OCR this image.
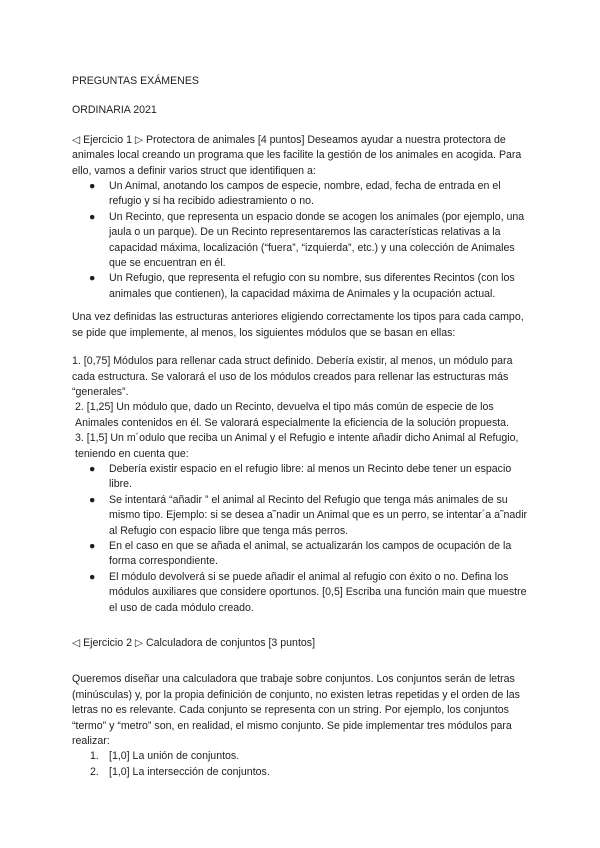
PREGUNTAS EXÁMENES

ORDINARIA 2021

◁ Ejercicio 1 ▷ Protectora de animales [4 puntos] Deseamos ayudar a nuestra protectora de animales local creando un programa que les facilite la gestión de los animales en acogida. Para ello, vamos a definir varios struct que identifiquen a:

● Un Animal, anotando los campos de especie, nombre, edad, fecha de entrada en el refugio y si ha recibido adiestramiento o no.
● Un Recinto, que representa un espacio donde se acogen los animales (por ejemplo, una jaula o un parque). De un Recinto representaremos las características relativas a la capacidad máxima, localización (“fuera”, “izquierda”, etc.) y una colección de Animales que se encuentran en él.
● Un Refugio, que representa el refugio con su nombre, sus diferentes Recintos (con los animales que contienen), la capacidad máxima de Animales y la ocupación actual.

Una vez definidas las estructuras anteriores eligiendo correctamente los tipos para cada campo, se pide que implemente, al menos, los siguientes módulos que se basan en ellas:

1. [0,75] Módulos para rellenar cada struct definido. Debería existir, al menos, un módulo para cada estructura. Se valorará el uso de los módulos creados para rellenar las estructuras más “generales”.

2. [1,25] Un módulo que, dado un Recinto, devuelva el tipo más común de especie de los Animales contenidos en él. Se valorará especialmente la eficiencia de la solución propuesta.

3. [1,5] Un m´odulo que reciba un Animal y el Refugio e intente añadir dicho Animal al Refugio, teniendo en cuenta que:

● Debería existir espacio en el refugio libre: al menos un Recinto debe tener un espacio libre.
● Se intentará “añadir ” el animal al Recinto del Refugio que tenga más animales de su mismo tipo. Ejemplo: si se desea a˜nadir un Animal que es un perro, se intentar´a a˜nadir al Refugio con espacio libre que tenga más perros.
● En el caso en que se añada el animal, se actualizarán los campos de ocupación de la forma correspondiente.
● El módulo devolverá si se puede añadir el animal al refugio con éxito o no. Defina los módulos auxiliares que considere oportunos. [0,5] Escriba una función main que muestre el uso de cada módulo creado.

◁ Ejercicio 2 ▷ Calculadora de conjuntos [3 puntos]

Queremos diseñar una calculadora que trabaje sobre conjuntos. Los conjuntos serán de letras (minúsculas) y, por la propia definición de conjunto, no existen letras repetidas y el orden de las letras no es relevante. Cada conjunto se representa con un string. Por ejemplo, los conjuntos “termo” y “metro” son, en realidad, el mismo conjunto. Se pide implementar tres módulos para realizar:

1. [1,0] La unión de conjuntos.
2. [1,0] La intersección de conjuntos.
